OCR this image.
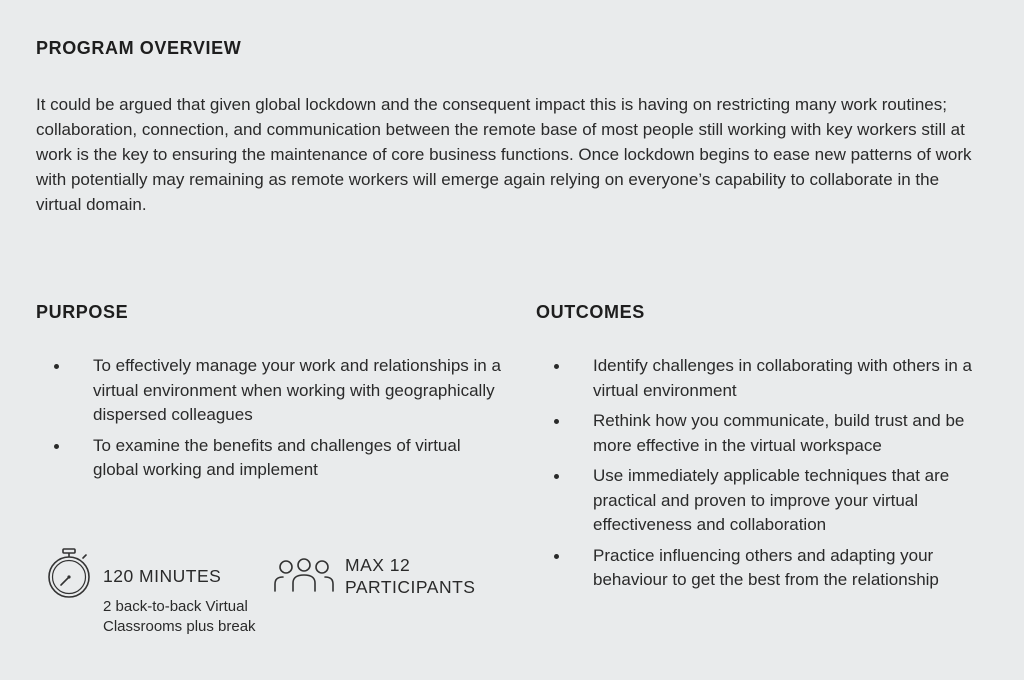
PROGRAM OVERVIEW

It could be argued that given global lockdown and the consequent impact this is having on restricting many work routines; collaboration, connection, and communication between the remote base of most people still working with key workers still at work is the key to ensuring the maintenance of core business functions. Once lockdown begins to ease new patterns of work with potentially may remaining as remote workers will emerge again relying on everyone’s capability to collaborate in the virtual domain.

PURPOSE
To effectively manage your work and relationships in a virtual environment when working with geographically dispersed colleagues
To examine the benefits and challenges of virtual global working and implement
OUTCOMES
Identify challenges in collaborating with others in a virtual environment
Rethink how you communicate, build trust and be more effective in the virtual workspace
Use immediately applicable techniques that are practical and proven to improve your virtual effectiveness and collaboration
Practice influencing others and adapting your behaviour to get the best from the relationship

120 MINUTES

2 back-to-back Virtual Classrooms plus break

MAX 12 PARTICIPANTS
